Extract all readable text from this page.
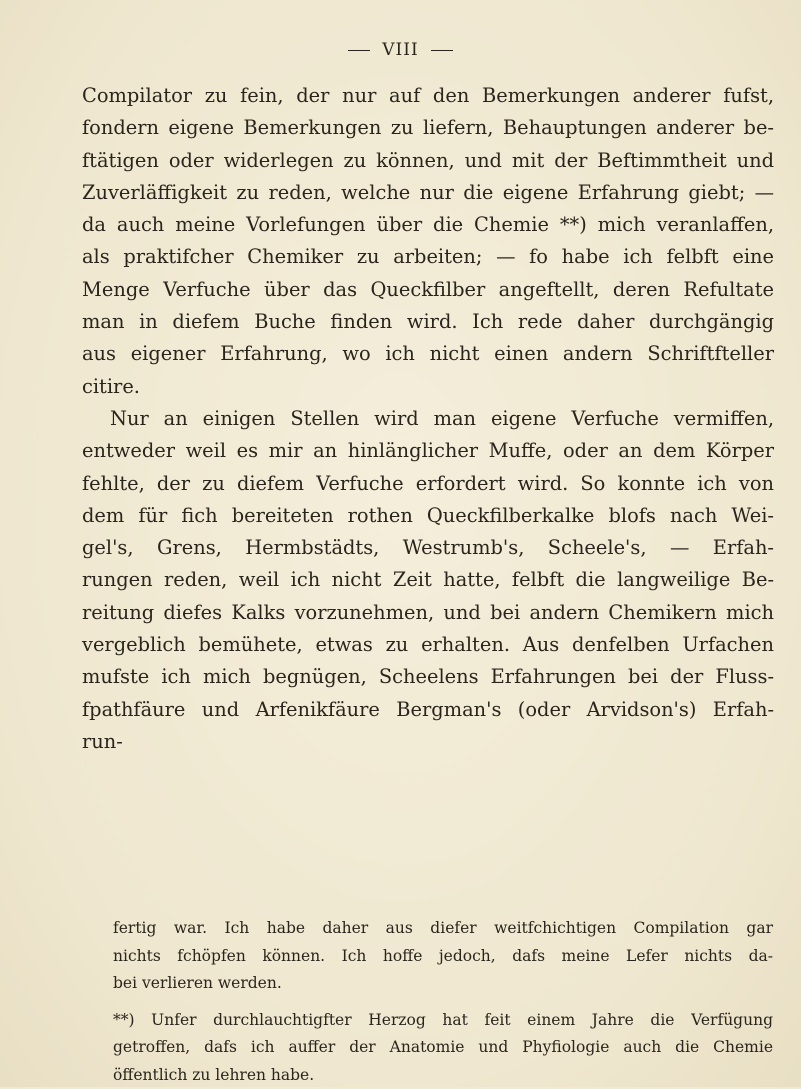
VIII

Compilator zu fein, der nur auf den Bemerkungen anderer fufst,

fondern eigene Bemerkungen zu liefern, Behauptungen anderer be-

ftätigen oder widerlegen zu können, und mit der Beftimmtheit und

Zuverläffigkeit zu reden, welche nur die eigene Erfahrung giebt; —

da auch meine Vorlefungen über die Chemie **) mich veranlaffen,

als praktifcher Chemiker zu arbeiten; — fo habe ich felbft eine

Menge Verfuche über das Queckfilber angeftellt, deren Refultate

man in diefem Buche finden wird. Ich rede daher durchgängig

aus eigener Erfahrung, wo ich nicht einen andern Schriftfteller

citire.

Nur an einigen Stellen wird man eigene Verfuche vermiffen,

entweder weil es mir an hinlänglicher Muffe, oder an dem Körper

fehlte, der zu diefem Verfuche erfordert wird. So konnte ich von

dem für fich bereiteten rothen Queckfilberkalke blofs nach Wei-

gel's, Grens, Hermbstädts, Westrumb's, Scheele's, — Erfah-

rungen reden, weil ich nicht Zeit hatte, felbft die langweilige Be-

reitung diefes Kalks vorzunehmen, und bei andern Chemikern mich

vergeblich bemühete, etwas zu erhalten. Aus denfelben Urfachen

mufste ich mich begnügen, Scheelens Erfahrungen bei der Fluss-

fpathfäure und Arfenikfäure Bergman's (oder Arvidson's) Erfah-

run-

fertig war. Ich habe daher aus diefer weitfchichtigen Compilation gar

nichts fchöpfen können. Ich hoffe jedoch, dafs meine Lefer nichts da-

bei verlieren werden.

**) Unfer durchlauchtigfter Herzog hat feit einem Jahre die Verfügung

getroffen, dafs ich auffer der Anatomie und Phyfiologie auch die Chemie

öffentlich zu lehren habe.
